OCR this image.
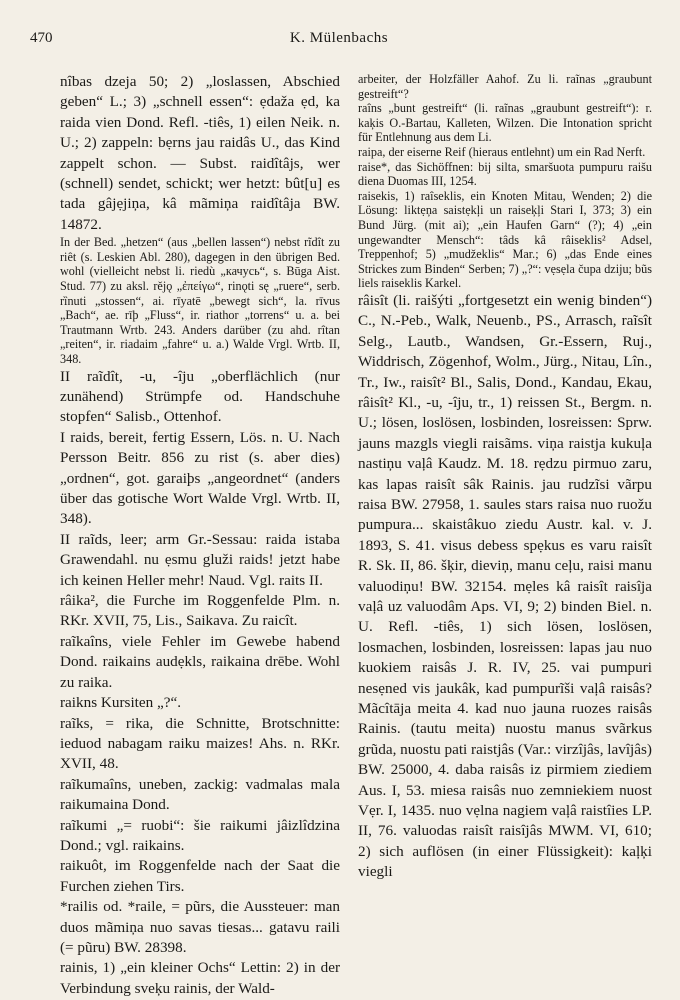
470	K. Mülenbachs

nîbas dzeja 50; 2) „loslassen, Abschied geben“ L.; 3) „schnell essen“: ẹdaža ẹd, ka raida vien Dond. Refl. -tiês, 1) eilen Neik. n. U.; 2) zappeln: bẹrns jau raidâs U., das Kind zappelt schon. — Subst. raidîtâjs, wer (schnell) sendet, schickt; wer hetzt: bût[u] es tada gâjẹjiņa, kâ mãmiņa raidîtâja BW. 14872.

In der Bed. „hetzen“ (aus „bellen lassen“) nebst rĩdît zu riêt (s. Leskien Abl. 280), dagegen in den übrigen Bed. wohl (vielleicht nebst li. riedù „качусь“, s. Būga Aist. Stud. 77) zu aksl. rějǫ „ἐπείγω“, rinǫti sę „ruere“, serb. rȉnuti „stossen“, ai. rīyatē „bewegt sich“, la. rīvus „Bach“, ae. rīþ „Fluss“, ir. riathor „torrens“ u. a. bei Trautmann Wrtb. 243. Anders darüber (zu ahd. rîtan „reiten“, ir. riadaim „fahre“ u. a.) Walde Vrgl. Wrtb. II, 348.

II raĩdît, -u, -îju „oberflächlich (nur zunähend) Strümpfe od. Handschuhe stopfen“ Salisb., Ottenhof.

I raids, bereit, fertig Essern, Lös. n. U. Nach Persson Beitr. 856 zu rist (s. aber dies) „ordnen“, got. garaiþs „angeordnet“ (anders über das gotische Wort Walde Vrgl. Wrtb. II, 348).

II raĩds, leer; arm Gr.-Sessau: raida istaba Grawendahl. nu ẹsmu gluži raids! jetzt habe ich keinen Heller mehr! Naud. Vgl. raits II.

râika², die Furche im Roggenfelde Plm. n. RKr. XVII, 75, Lis., Saikava. Zu raicît.

raĩkaîns, viele Fehler im Gewebe habend Dond. raikains audẹkls, raikaina drēbe. Wohl zu raika.

raikns Kursiten „?“.

raĩks, = rika, die Schnitte, Brotschnitte: ieduod nabagam raiku maizes! Ahs. n. RKr. XVII, 48.

raĩkumaîns, uneben, zackig: vadmalas mala raikumaina Dond.

raĩkumi „= ruobi“: šie raikumi jâizlîdzina Dond.; vgl. raikains.

raikuôt, im Roggenfelde nach der Saat die Furchen ziehen Tirs.

*railis od. *raile, = pũrs, die Aussteuer: man duos mãmiņa nuo savas tiesas... gatavu raili (= pũru) BW. 28398.

rainis, 1) „ein kleiner Ochs“ Lettin: 2) in der Verbindung sveķu rainis, der Wald-

arbeiter, der Holzfäller Aahof. Zu li. raĩnas „graubunt gestreift“?

raîns „bunt gestreift“ (li. raĩnas „graubunt gestreift“): r. kaķis O.-Bartau, Kalleten, Wilzen. Die Intonation spricht für Entlehnung aus dem Li.

raipa, der eiserne Reif (hieraus entlehnt) um ein Rad Nerft.

raise*, das Sichöffnen: bij silta, smaršuota pumpuru raišu diena Duomas III, 1254.

raisekis, 1) raîseklis, ein Knoten Mitau, Wenden; 2) die Lösung: liktẹņa saistẹkļi un raiseķļi Stari I, 373; 3) ein Bund Jürg. (mit ai); „ein Haufen Garn“ (?); 4) „ein ungewandter Mensch“: tâds kâ râiseklis² Adsel, Treppenhof; 5) „mudžeklis“ Mar.; 6) „das Ende eines Strickes zum Binden“ Serben; 7) „?“: vẹsẹla čupa dziju; bũs liels raiseklis Karkel.

râisît (li. raišýti „fortgesetzt ein wenig binden“) C., N.-Peb., Walk, Neuenb., PS., Arrasch, raĩsît Selg., Lautb., Wandsen, Gr.-Essern, Ruj., Widdrisch, Zögenhof, Wolm., Jürg., Nitau, Lîn., Tr., Iw., raisît² Bl., Salis, Dond., Kandau, Ekau, râisît² Kl., -u, -îju, tr., 1) reissen St., Bergm. n. U.; lösen, loslösen, losbinden, losreissen: Sprw. jauns mazgls viegli raisãms. viņa raistja kukuļa nastiņu vaļâ Kaudz. M. 18. rẹdzu pirmuo zaru, kas lapas raisît sâk Rainis. jau rudzĩsi vãrpu raisa BW. 27958, 1. saules stars raisa nuo ruožu pumpura... skaistâkuo ziedu Austr. kal. v. J. 1893, S. 41. visus debess spẹkus es varu raisît R. Sk. II, 86. šķir, dieviņ, manu ceļu, raisi manu valuodiņu! BW. 32154. mẹles kâ raisît raisîja vaļâ uz valuodâm Aps. VI, 9; 2) binden Biel. n. U. Refl. -tiês, 1) sich lösen, loslösen, losmachen, losbinden, losreissen: lapas jau nuo kuokiem raisâs J. R. IV, 25. vai pumpuri nesẹned vis jaukâk, kad pumpurĩši vaļâ raisâs? Mãcîtāja meita 4. kad nuo jauna ruozes raisâs Rainis. (tautu meita) nuostu manus svãrkus grũda, nuostu pati raistjâs (Var.: virzîjâs, lavîjâs) BW. 25000, 4. daba raisâs iz pirmiem ziediem Aus. I, 53. miesa raisâs nuo zemniekiem nuost Vẹr. I, 1435. nuo vẹlna nagiem vaļâ raistîies LP. II, 76. valuodas raisît raisîjâs MWM. VI, 610; 2) sich auflösen (in einer Flüssigkeit): kaļķi viegli
